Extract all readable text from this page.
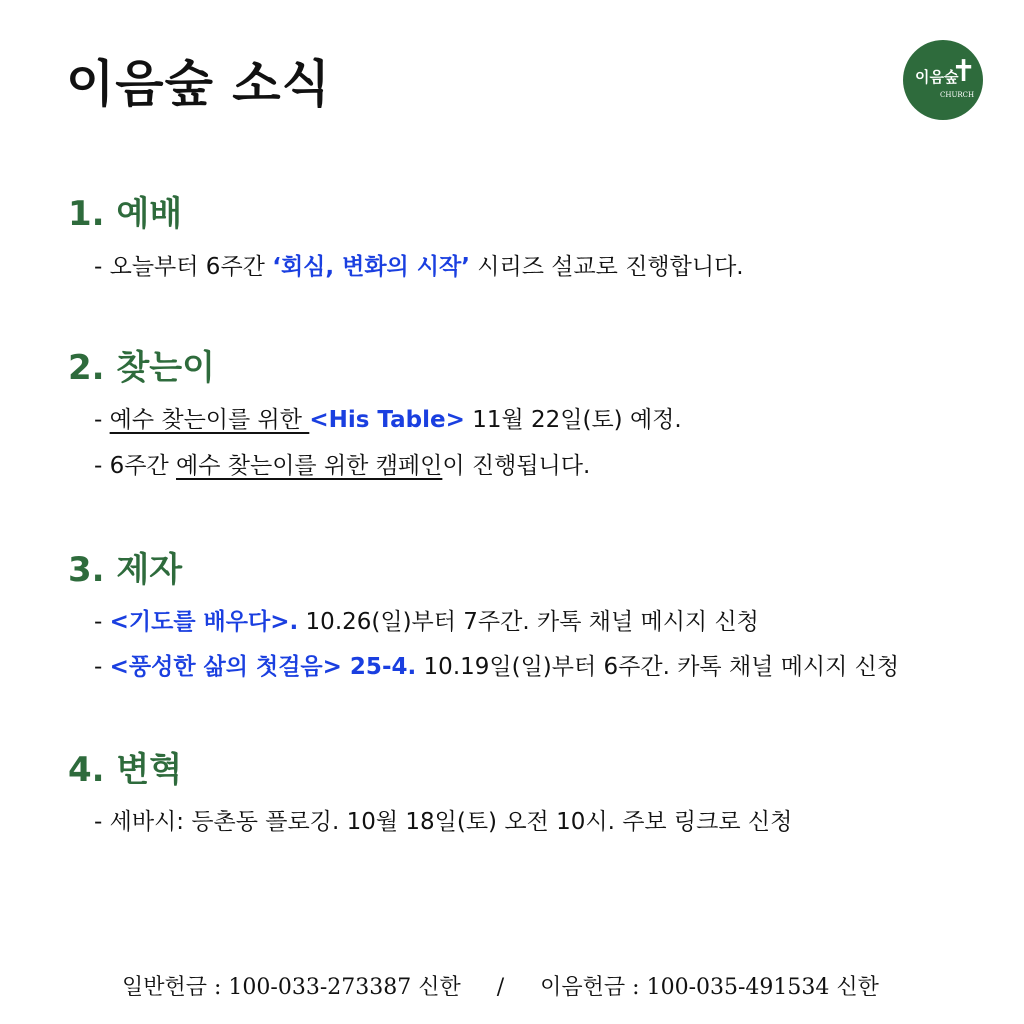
이음숲 소식	이음숲
✝
CHURCH
1. 예배
- 오늘부터 6주간 ‘회심, 변화의 시작’ 시리즈 설교로 진행합니다.
2. 찾는이
- 예수 찾는이를 위한 <His Table> 11월 22일(토) 예정.
- 6주간 예수 찾는이를 위한 캠페인이 진행됩니다.
3. 제자
- <기도를 배우다>. 10.26(일)부터 7주간. 카톡 채널 메시지 신청
- <풍성한 삶의 첫걸음> 25-4. 10.19일(일)부터 6주간. 카톡 채널 메시지 신청
4. 변혁
- 세바시: 등촌동 플로깅. 10월 18일(토) 오전 10시. 주보 링크로 신청
일반헌금 : 100-033-273387 신한 / 이음헌금 : 100-035-491534 신한
